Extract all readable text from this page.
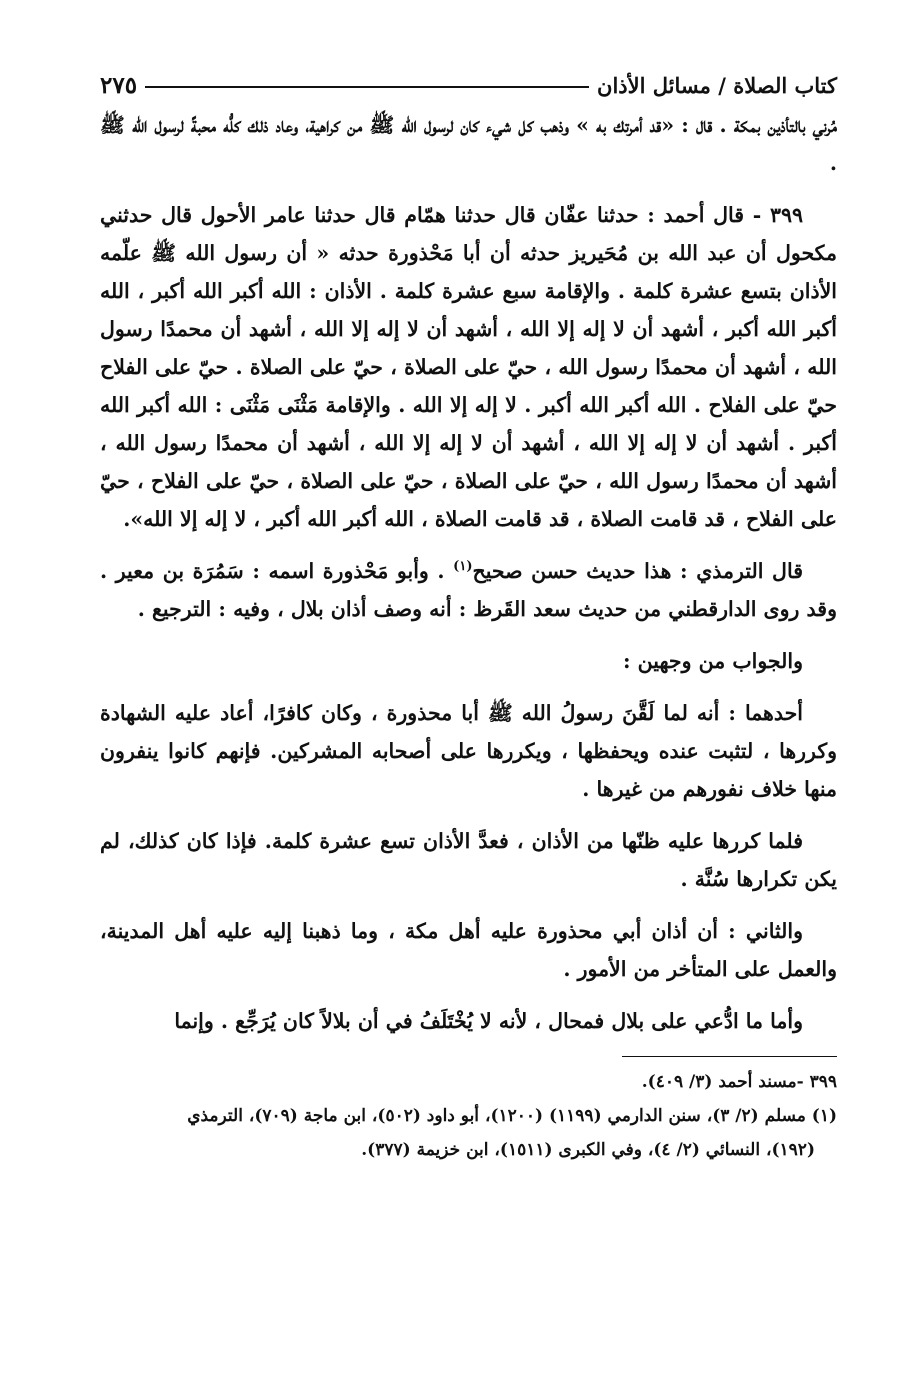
كتاب الصلاة / مسائل الأذان
٢٧٥

مُرني بالتأذين بمكة . قال : «قد أمرتك به » وذهب كل شيء كان لرسول الله ﷺ من كراهية، وعاد ذلك كلُّه محبةً لرسول الله ﷺ .

٣٩٩ - قال أحمد : حدثنا عفّان قال حدثنا همّام قال حدثنا عامر الأحول قال حدثني مكحول أن عبد الله بن مُحَيريز حدثه أن أبا مَحْذورة حدثه « أن رسول الله ﷺ علّمه الأذان بتسع عشرة كلمة . والإقامة سبع عشرة كلمة . الأذان : الله أكبر الله أكبر ، الله أكبر الله أكبر ، أشهد أن لا إله إلا الله ، أشهد أن لا إله إلا الله ، أشهد أن محمدًا رسول الله ، أشهد أن محمدًا رسول الله ، حيّ على الصلاة ، حيّ على الصلاة . حيّ على الفلاح حيّ على الفلاح . الله أكبر الله أكبر . لا إله إلا الله . والإقامة مَثْنَى مَثْنَى : الله أكبر الله أكبر . أشهد أن لا إله إلا الله ، أشهد أن لا إله إلا الله ، أشهد أن محمدًا رسول الله ، أشهد أن محمدًا رسول الله ، حيّ على الصلاة ، حيّ على الصلاة ، حيّ على الفلاح ، حيّ على الفلاح ، قد قامت الصلاة ، قد قامت الصلاة ، الله أكبر الله أكبر ، لا إله إلا الله».

قال الترمذي : هذا حديث حسن صحيح$^{(١)}$ . وأبو مَحْذورة اسمه : سَمُرَة بن معير . وقد روى الدارقطني من حديث سعد القَرظ : أنه وصف أذان بلال ، وفيه : الترجيع .

والجواب من وجهين :

أحدهما : أنه لما لَقَّنَ رسولُ الله ﷺ أبا محذورة ، وكان كافرًا، أعاد عليه الشهادة وكررها ، لتثبت عنده ويحفظها ، ويكررها على أصحابه المشركين. فإنهم كانوا ينفرون منها خلاف نفورهم من غيرها .

فلما كررها عليه ظنّها من الأذان ، فعدَّ الأذان تسع عشرة كلمة. فإذا كان كذلك، لم يكن تكرارها سُنَّة .

والثاني : أن أذان أبي محذورة عليه أهل مكة ، وما ذهبنا إليه عليه أهل المدينة، والعمل على المتأخر من الأمور .

وأما ما ادُّعي على بلال فمحال ، لأنه لا يُخْتَلَفُ في أن بلالاً كان يُرَجِّع . وإنما

٣٩٩ -مسند أحمد (٣/ ٤٠٩).

(١) مسلم (٢/ ٣)، سنن الدارمي (١١٩٩) (١٢٠٠)، أبو داود (٥٠٢)، ابن ماجة (٧٠٩)، الترمذي

(١٩٢)، النسائي (٢/ ٤)، وفي الكبرى (١٥١١)، ابن خزيمة (٣٧٧).
